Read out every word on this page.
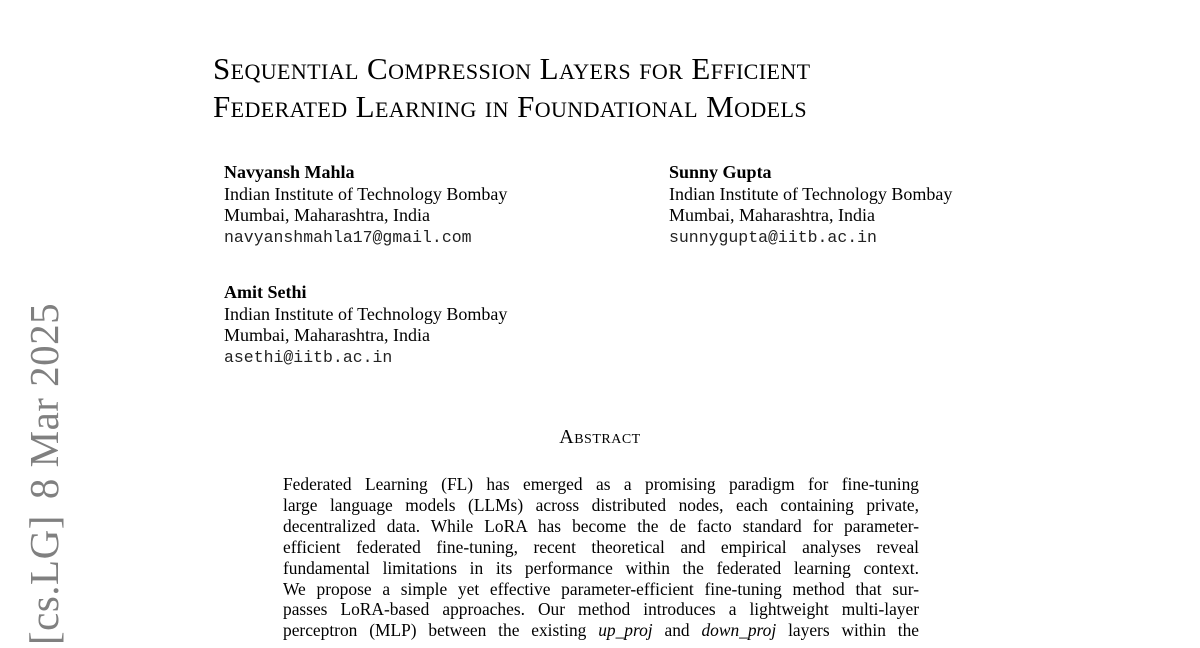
[cs.LG]8 Mar 2025
Sequential Compression Layers for Efficient
Federated Learning in Foundational Models
Navyansh Mahla
Indian Institute of Technology Bombay
Mumbai, Maharashtra, India
navyanshmahla17@gmail.com
Sunny Gupta
Indian Institute of Technology Bombay
Mumbai, Maharashtra, India
sunnygupta@iitb.ac.in
Amit Sethi
Indian Institute of Technology Bombay
Mumbai, Maharashtra, India
asethi@iitb.ac.in
Abstract
Federated Learning (FL) has emerged as a promising paradigm for fine-tuning
large language models (LLMs) across distributed nodes, each containing private,
decentralized data. While LoRA has become the de facto standard for parameter-
efficient federated fine-tuning, recent theoretical and empirical analyses reveal
fundamental limitations in its performance within the federated learning context.
We propose a simple yet effective parameter-efficient fine-tuning method that sur-
passes LoRA-based approaches. Our method introduces a lightweight multi-layer
perceptron (MLP) between the existing up_proj and down_proj layers within the
